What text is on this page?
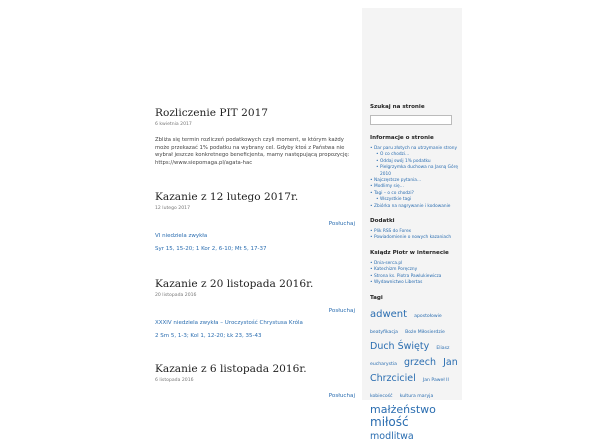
Kościół Piotra
Rozliczenie PIT 2017
6 kwietnia 2017

Zbliża się termin rozliczeń podatkowych czyli moment, w którym każdy może przekazać 1% podatku na wybrany cel. Gdyby ktoś z Państwa nie wybrał jeszcze konkretnego beneficjenta, mamy następującą propozycję: https://www.siepomaga.pl/agata-hac

Kazanie z 12 lutego 2017r.
12 lutego 2017
Posłuchaj
VI niedziela zwykła
Syr 15, 15-20; 1 Kor 2, 6-10; Mt 5, 17-37
Kazanie z 20 listopada 2016r.
20 listopada 2016
Posłuchaj
XXXIV niedziela zwykła – Uroczystość Chrystusa Króla
2 Sm 5, 1-3; Kol 1, 12-20; Łk 23, 35-43
Kazanie z 6 listopada 2016r.
6 listopada 2016
Posłuchaj
Szukaj na stronie
Informacje o stronie
• Dar paru złotych na utrzymanie strony
• O co chodzi…
• Oddaj swój 1% podatku
• Pielgrzymka duchowa na Jasną Górę 2010
• Najczęstsze pytania…
• Modlimy się…
• Tagi – o co chodzi?
• Wszystkie tagi
• Zbiórka na nagrywanie i kodowanie
Dodatki
• Plik RSS do Forex
• Powiadomienie o nowych kazaniach
Ksiądz Piotr w internecie
• Dnia-serca.pl
• Katechizm Poręczny
• Strona ks. Piotra Pawlukiewicza
• Wydawnictwo Libertas
Tagi
adwent apostołowie beatyfikacja Boże Miłosierdzie Duch Święty Eliasz eucharystia grzech Jan Chrzciciel Jan Paweł II kobiecość kultura maryja małżeństwo miłość modlitwa
